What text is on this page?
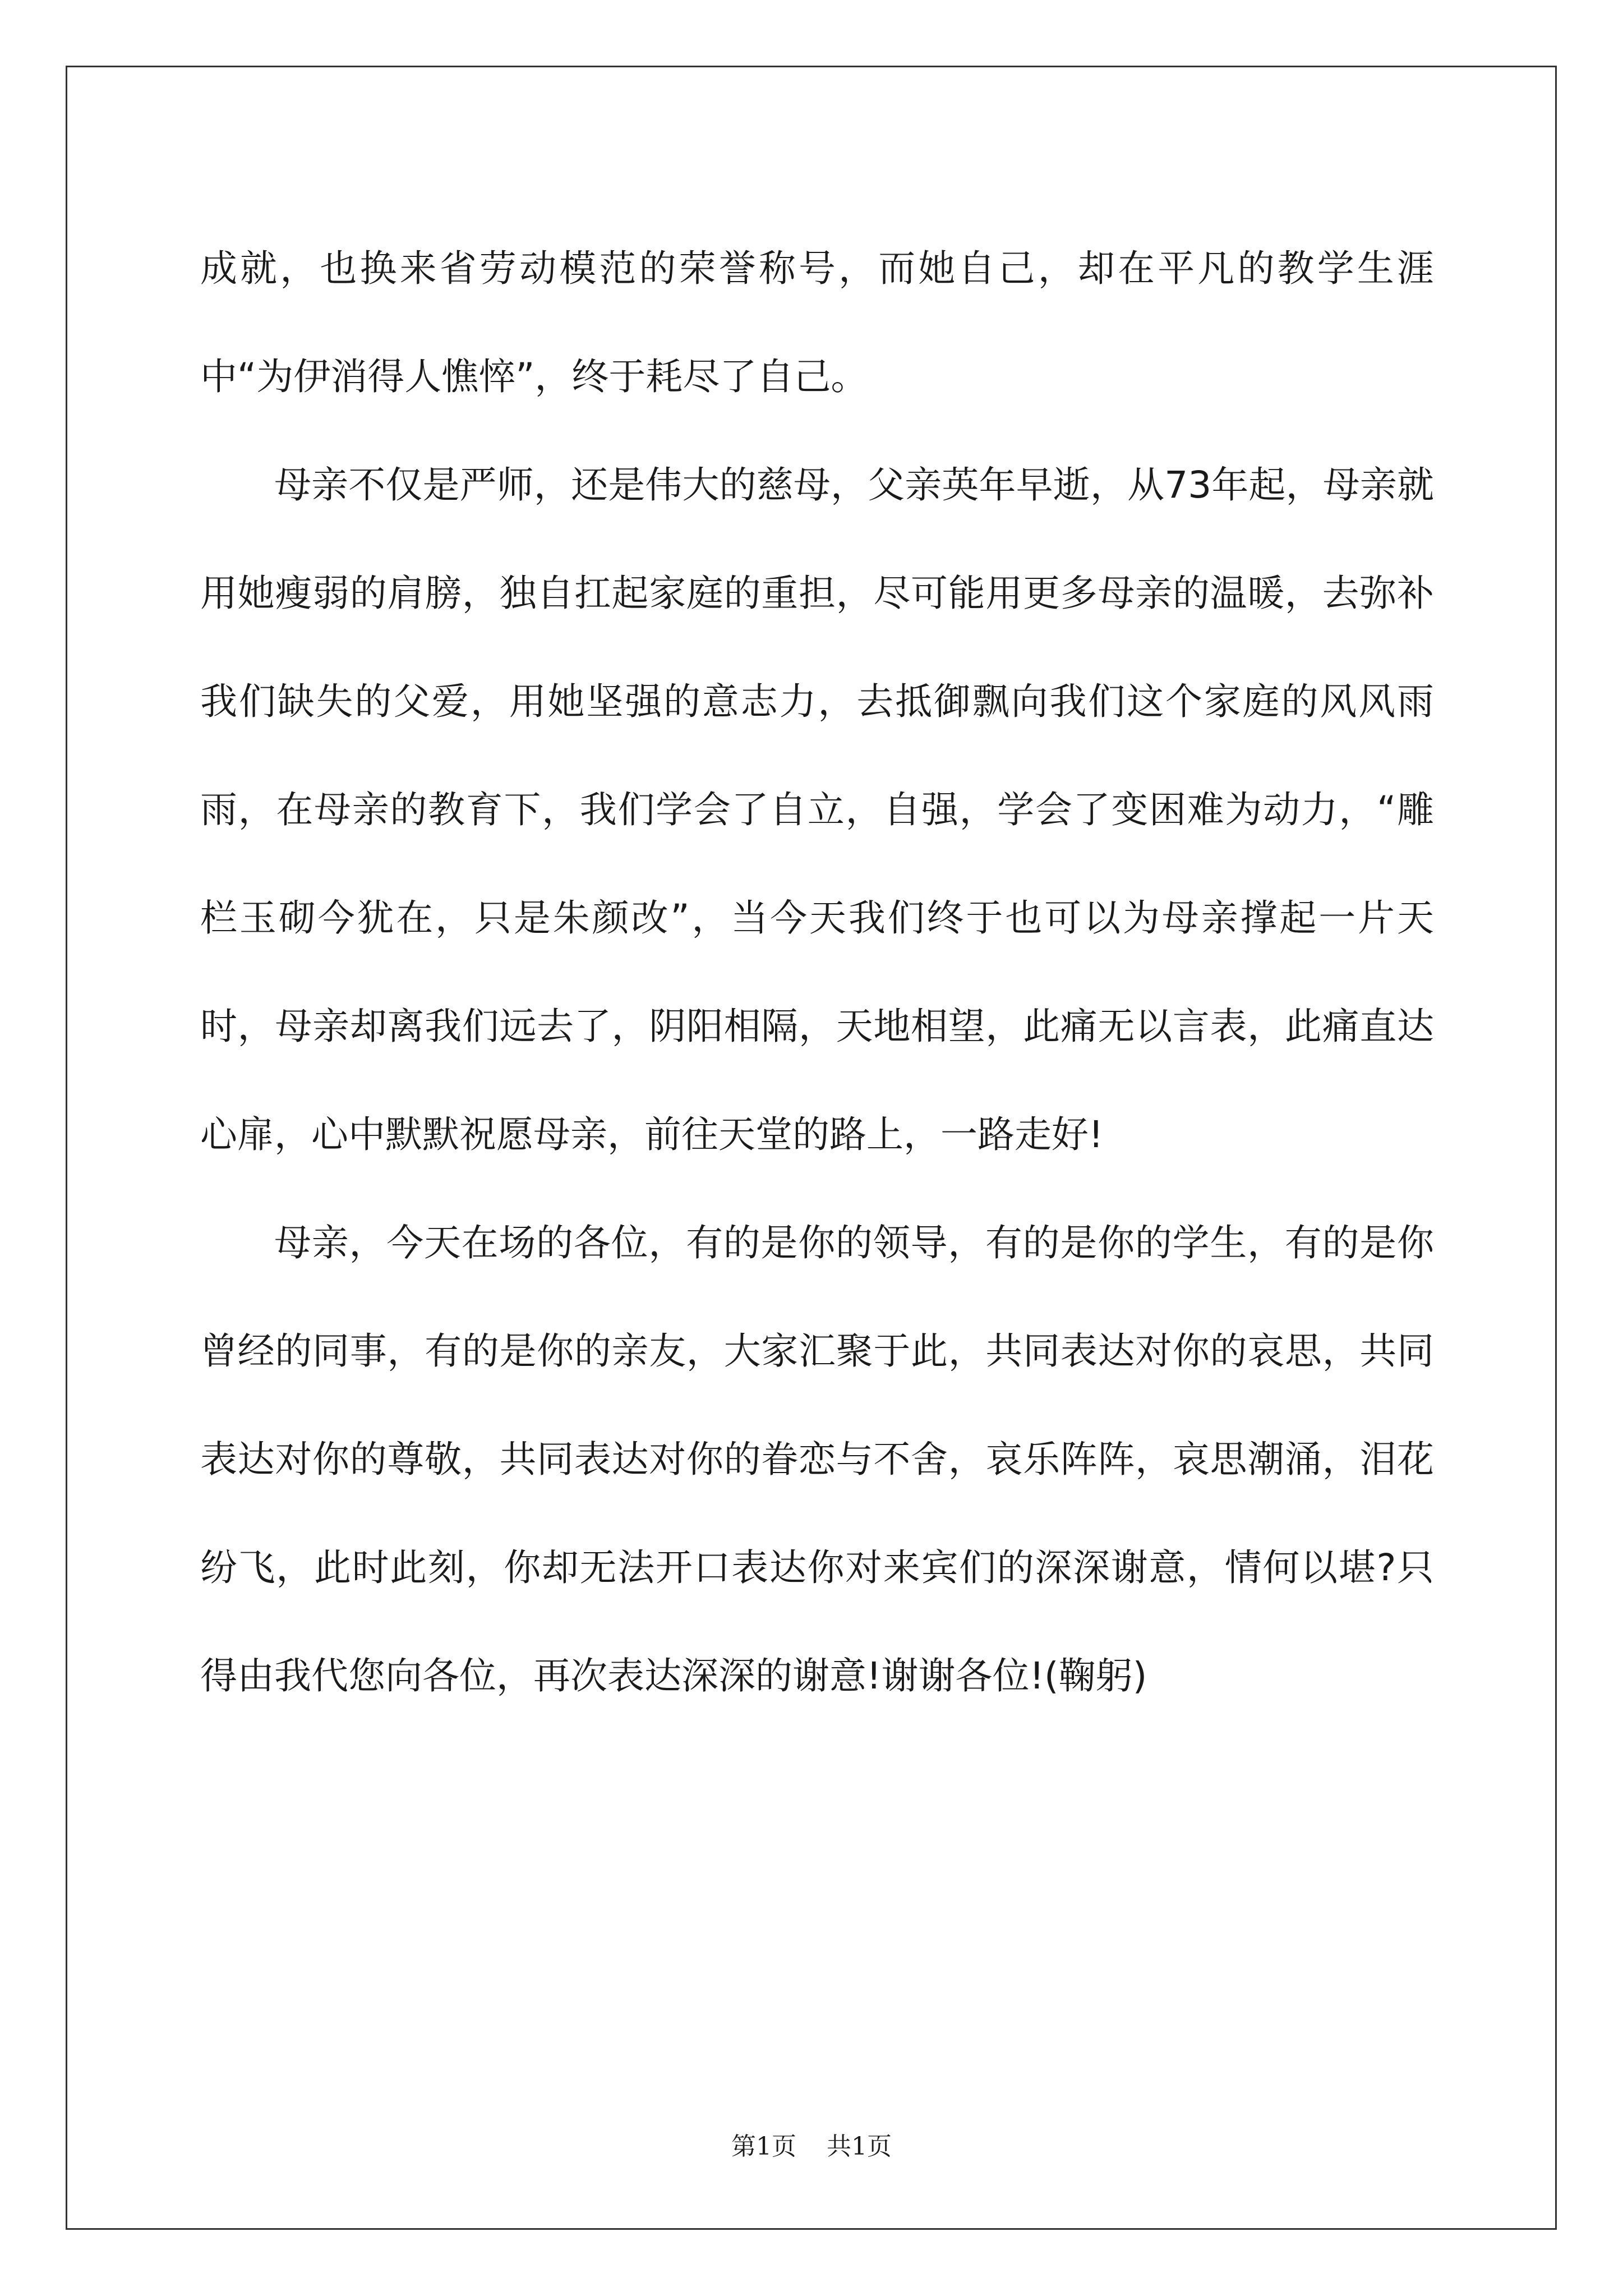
成就，也换来省劳动模范的荣誉称号，而她自己，却在平凡的教学生涯中“为伊消得人憔悴”，终于耗尽了自己。

母亲不仅是严师，还是伟大的慈母，父亲英年早逝，从73年起，母亲就用她瘦弱的肩膀，独自扛起家庭的重担，尽可能用更多母亲的温暖，去弥补我们缺失的父爱，用她坚强的意志力，去抵御飘向我们这个家庭的风风雨雨，在母亲的教育下，我们学会了自立，自强，学会了变困难为动力，“雕栏玉砌今犹在，只是朱颜改”，当今天我们终于也可以为母亲撑起一片天时，母亲却离我们远去了，阴阳相隔，天地相望，此痛无以言表，此痛直达心扉，心中默默祝愿母亲，前往天堂的路上，一路走好!

母亲，今天在场的各位，有的是你的领导，有的是你的学生，有的是你曾经的同事，有的是你的亲友，大家汇聚于此，共同表达对你的哀思，共同表达对你的尊敬，共同表达对你的眷恋与不舍，哀乐阵阵，哀思潮涌，泪花纷飞，此时此刻，你却无法开口表达你对来宾们的深深谢意，情何以堪?只得由我代您向各位，再次表达深深的谢意!谢谢各位!(鞠躬)

第1页 共1页
